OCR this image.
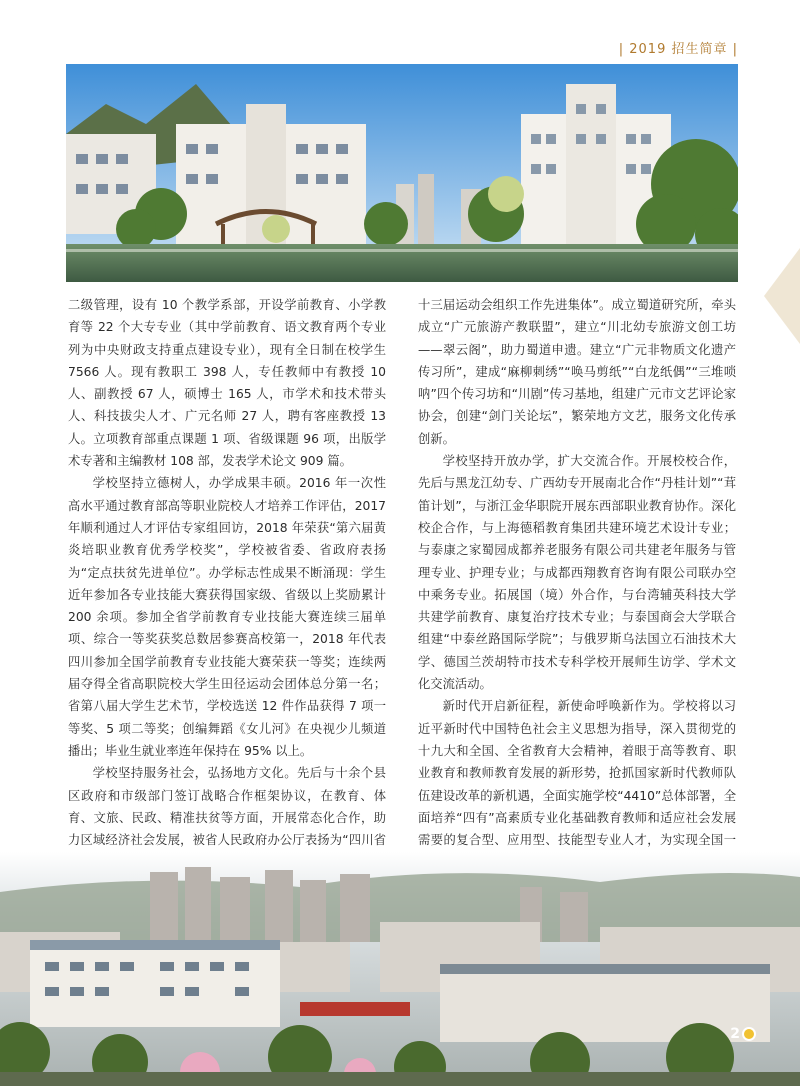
| 2019 招生简章 |

二级管理，设有 10 个教学系部，开设学前教育、小学教育等 22 个大专专业（其中学前教育、语文教育两个专业列为中央财政支持重点建设专业），现有全日制在校学生 7566 人。现有教职工 398 人，专任教师中有教授 10 人、副教授 67 人，硕博士 165 人，市学术和技术带头人、科技拔尖人才、广元名师 27 人，聘有客座教授 13 人。立项教育部重点课题 1 项、省级课题 96 项，出版学术专著和主编教材 108 部，发表学术论文 909 篇。

学校坚持立德树人，办学成果丰硕。2016 年一次性高水平通过教育部高等职业院校人才培养工作评估，2017 年顺利通过人才评估专家组回访，2018 年荣获“第六届黄炎培职业教育优秀学校奖”，学校被省委、省政府表扬为“定点扶贫先进单位”。办学标志性成果不断涌现：学生近年参加各专业技能大赛获得国家级、省级以上奖励累计 200 余项。参加全省学前教育专业技能大赛连续三届单项、综合一等奖获奖总数居参赛高校第一，2018 年代表四川参加全国学前教育专业技能大赛荣获一等奖；连续两届夺得全省高职院校大学生田径运动会团体总分第一名；省第八届大学生艺术节，学校选送 12 件作品获得 7 项一等奖、5 项二等奖；创编舞蹈《女儿河》在央视少儿频道播出；毕业生就业率连年保持在 95% 以上。

学校坚持服务社会，弘扬地方文化。先后与十余个县区政府和市级部门签订战略合作框架协议，在教育、体育、文旅、民政、精准扶贫等方面，开展常态化合作，助力区域经济社会发展，被省人民政府办公厅表扬为“四川省

十三届运动会组织工作先进集体”。成立蜀道研究所，牵头成立“广元旅游产教联盟”，建立“川北幼专旅游文创工坊——翠云阁”，助力蜀道申遗。建立“广元非物质文化遗产传习所”，建成“麻柳刺绣”“唤马剪纸”“白龙纸偶”“三堆唢呐”四个传习坊和“川剧”传习基地，组建广元市文艺评论家协会，创建“剑门关论坛”，繁荣地方文艺，服务文化传承创新。

学校坚持开放办学，扩大交流合作。开展校校合作，先后与黑龙江幼专、广西幼专开展南北合作“丹桂计划”“茸笛计划”，与浙江金华职院开展东西部职业教育协作。深化校企合作，与上海德稻教育集团共建环境艺术设计专业；与泰康之家蜀园成都养老服务有限公司共建老年服务与管理专业、护理专业；与成都西翔教育咨询有限公司联办空中乘务专业。拓展国（境）外合作，与台湾辅英科技大学共建学前教育、康复治疗技术专业；与泰国商会大学联合组建“中泰丝路国际学院”；与俄罗斯乌法国立石油技术大学、德国兰茨胡特市技术专科学校开展师生访学、学术文化交流活动。

新时代开启新征程，新使命呼唤新作为。学校将以习近平新时代中国特色社会主义思想为指导，深入贯彻党的十九大和全国、全省教育大会精神，着眼于高等教育、职业教育和教师教育发展的新形势，抢抓国家新时代教师队伍建设改革的新机遇，全面实施学校“4410”总体部署，全面培养“四有”高素质专业化基础教育教师和适应社会发展需要的复合型、应用型、技能型专业人才，为实现全国一

2
